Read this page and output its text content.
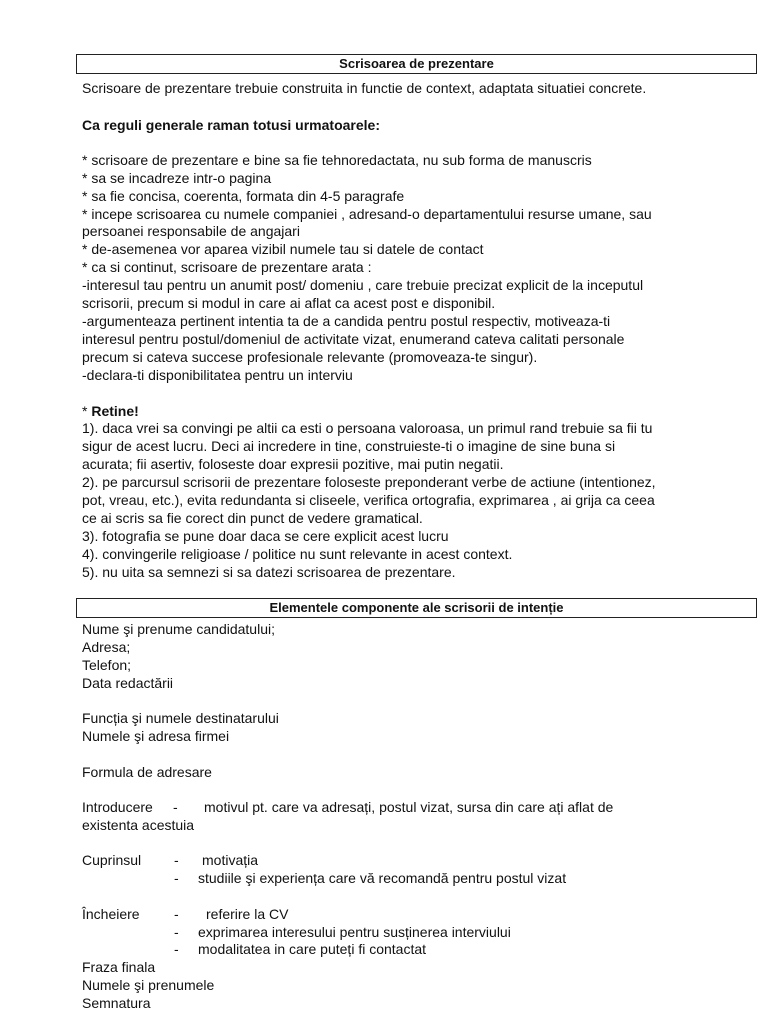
Scrisoarea de prezentare
Scrisoare de prezentare trebuie construita in functie de context, adaptata situatiei concrete.
Ca reguli generale raman totusi urmatoarele:
* scrisoare de prezentare e bine sa fie tehnoredactata, nu sub forma de manuscris
* sa se incadreze intr-o pagina
* sa fie concisa, coerenta, formata din 4-5 paragrafe
* incepe scrisoarea cu numele companiei , adresand-o departamentului resurse umane, sau
persoanei responsabile de angajari
* de-asemenea vor aparea vizibil numele tau si datele de contact
* ca si continut, scrisoare de prezentare arata :
-interesul tau pentru un anumit post/ domeniu , care trebuie precizat explicit de la inceputul
scrisorii, precum si modul in care ai aflat ca acest post e disponibil.
-argumenteaza pertinent intentia ta de a candida pentru postul respectiv, motiveaza-ti
interesul pentru postul/domeniul de activitate vizat, enumerand cateva calitati personale
precum si cateva succese profesionale relevante (promoveaza-te singur).
-declara-ti disponibilitatea pentru un interviu
* Retine!
1). daca vrei sa convingi pe altii ca esti o persoana valoroasa, un primul rand trebuie sa fii tu
sigur de acest lucru. Deci ai incredere in tine, construieste-ti o imagine de sine buna si
acurata; fii asertiv, foloseste doar expresii pozitive, mai putin negatii.
2). pe parcursul scrisorii de prezentare foloseste preponderant verbe de actiune (intentionez,
pot, vreau, etc.), evita redundanta si cliseele, verifica ortografia, exprimarea , ai grija ca ceea
ce ai scris sa fie corect din punct de vedere gramatical.
3). fotografia se pune doar daca se cere explicit acest lucru
4). convingerile religioase / politice nu sunt relevante in acest context.
5). nu uita sa semnezi si sa datezi scrisoarea de prezentare.
Elementele componente ale scrisorii de intenție
Nume şi prenume candidatului;
Adresa;
Telefon;
Data redactării
Funcția şi numele destinatarului
Numele şi adresa firmei
Formula de adresare
Introducere - motivul pt. care va adresați, postul vizat, sursa din care ați aflat de
existenta acestuia
Cuprinsul - motivația
- studiile şi experiența care vă recomandă pentru postul vizat
Încheiere - referire la CV
- exprimarea interesului pentru susținerea interviului
- modalitatea in care puteți fi contactat
Fraza finala
Numele şi prenumele
Semnatura
